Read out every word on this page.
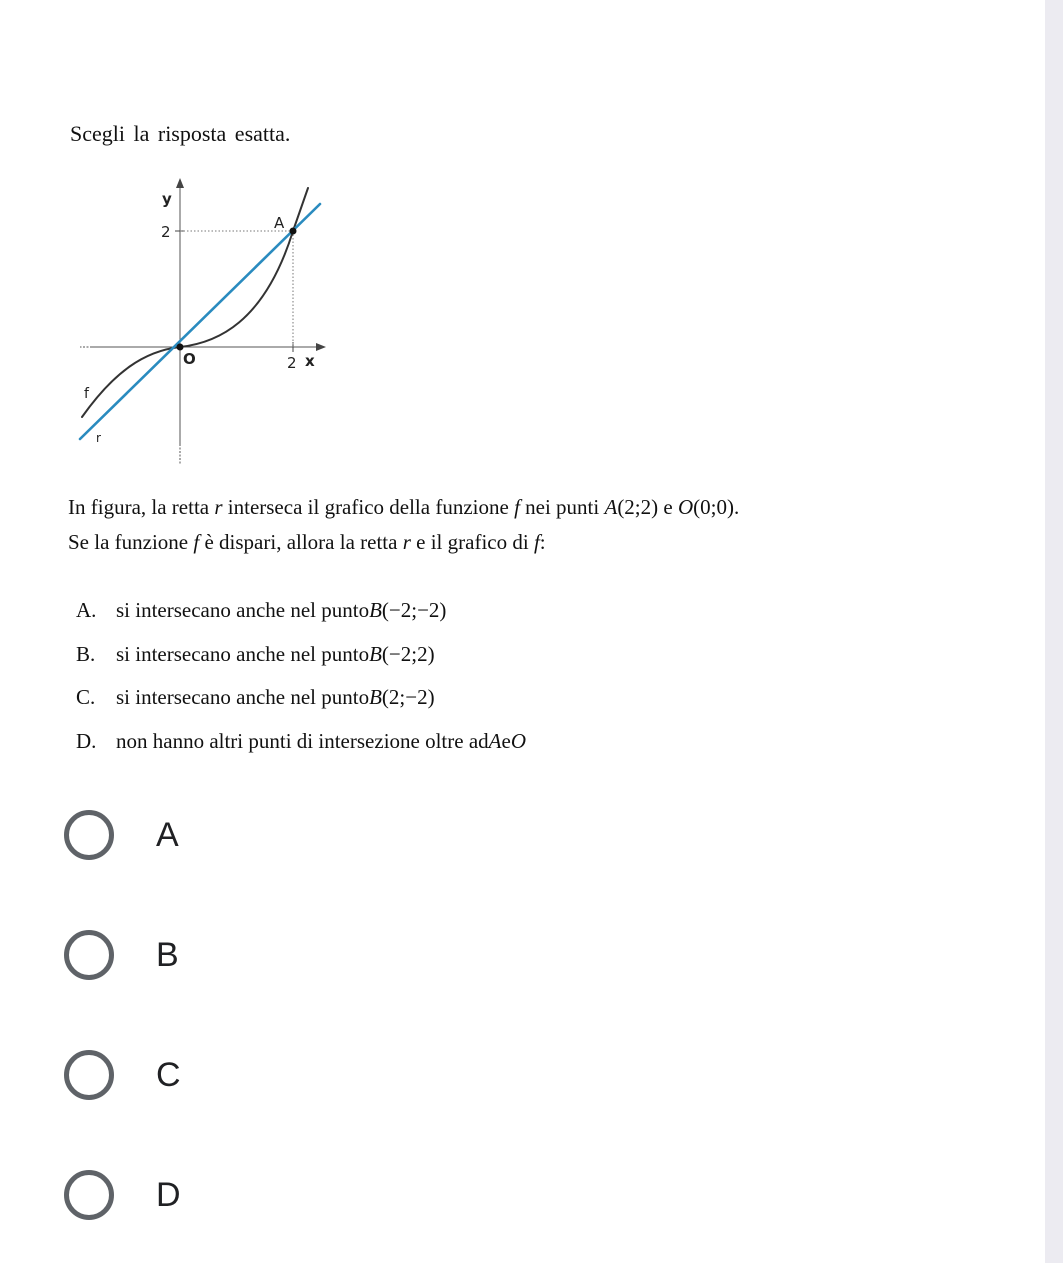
Scegli la risposta esatta.
y
2
O	2 x
A
f
r
In figura, la retta r interseca il grafico della funzione f nei punti A(2;2) e O(0;0).
Se la funzione f è dispari, allora la retta r e il grafico di f:
A. si intersecano anche nel punto B (−2;−2)
B. si intersecano anche nel punto B (−2;2)
C. si intersecano anche nel punto B (2;−2)
D. non hanno altri punti di intersezione oltre ad A e O
A
B
C
D
